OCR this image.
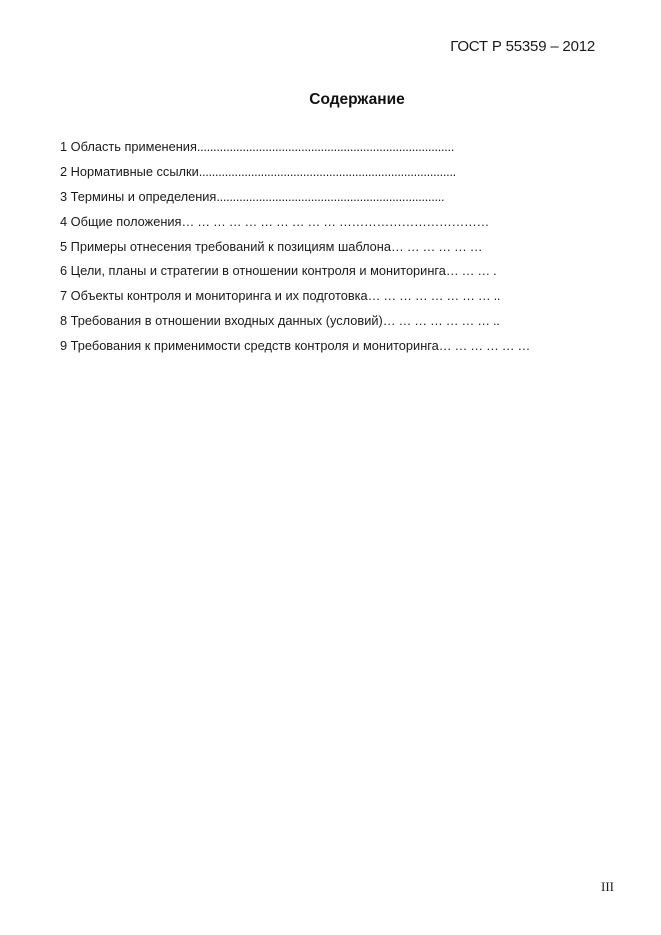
ГОСТ Р 55359 – 2012
Содержание
1 Область применения...............................................................................
2 Нормативные ссылки...............................................................................
3 Термины и определения......................................................................
4 Общие положения… … … … … … … … … … ………………………………
5 Примеры отнесения требований к позициям шаблона… … … … … …
6 Цели, планы и стратегии в отношении контроля и мониторинга… … … .
7 Объекты контроля и мониторинга и их подготовка… … … … … … … … ..
8 Требования в отношении входных данных (условий)… … … … … … … ..
9 Требования к применимости средств контроля и мониторинга… … … … … …
III
